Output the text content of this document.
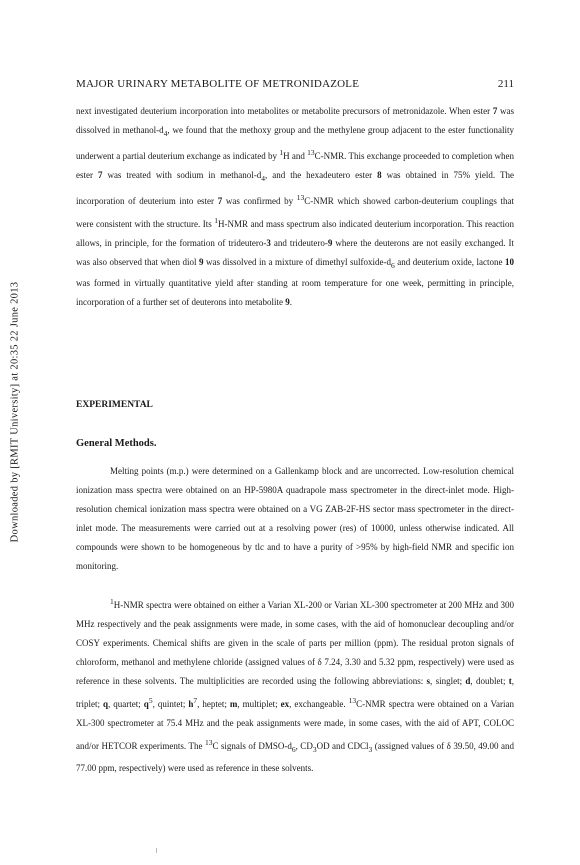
MAJOR URINARY METABOLITE OF METRONIDAZOLE	211
Downloaded by [RMIT University] at 20:35 22 June 2013

next investigated deuterium incorporation into metabolites or metabolite precursors of metronidazole. When ester 7 was dissolved in methanol-$d_4$, we found that the methoxy group and the methylene group adjacent to the ester functionality underwent a partial deuterium exchange as indicated by $^1$H and $^{13}$C-NMR. This exchange proceeded to completion when ester 7 was treated with sodium in methanol-$d_4$, and the hexadeutero ester 8 was obtained in 75% yield. The incorporation of deuterium into ester 7 was confirmed by $^{13}$C-NMR which showed carbon-deuterium couplings that were consistent with the structure. Its $^1$H-NMR and mass spectrum also indicated deuterium incorporation. This reaction allows, in principle, for the formation of trideutero-3 and trideutero-9 where the deuterons are not easily exchanged. It was also observed that when diol 9 was dissolved in a mixture of dimethyl sulfoxide-$d_6$ and deuterium oxide, lactone 10 was formed in virtually quantitative yield after standing at room temperature for one week, permitting in principle, incorporation of a further set of deuterons into metabolite 9.

EXPERIMENTAL
General Methods.

Melting points (m.p.) were determined on a Gallenkamp block and are uncorrected. Low-resolution chemical ionization mass spectra were obtained on an HP-5980A quadrapole mass spectrometer in the direct-inlet mode. High-resolution chemical ionization mass spectra were obtained on a VG ZAB-2F-HS sector mass spectrometer in the direct-inlet mode. The measurements were carried out at a resolving power (res) of 10000, unless otherwise indicated. All compounds were shown to be homogeneous by tlc and to have a purity of >95% by high-field NMR and specific ion monitoring.

$^1$H-NMR spectra were obtained on either a Varian XL-200 or Varian XL-300 spectrometer at 200 MHz and 300 MHz respectively and the peak assignments were made, in some cases, with the aid of homonuclear decoupling and/or COSY experiments. Chemical shifts are given in the scale of parts per million (ppm). The residual proton signals of chloroform, methanol and methylene chloride (assigned values of δ 7.24, 3.30 and 5.32 ppm, respectively) were used as reference in these solvents. The multiplicities are recorded using the following abbreviations: s, singlet; d, doublet; t, triplet; q, quartet; $q^5$, quintet; $h^7$, heptet; m, multiplet; ex, exchangeable. $^{13}$C-NMR spectra were obtained on a Varian XL-300 spectrometer at 75.4 MHz and the peak assignments were made, in some cases, with the aid of APT, COLOC and/or HETCOR experiments. The $^{13}$C signals of DMSO-$d_6$, $CD_3OD$ and CDCl$_3$ (assigned values of δ 39.50, 49.00 and 77.00 ppm, respectively) were used as reference in these solvents.
